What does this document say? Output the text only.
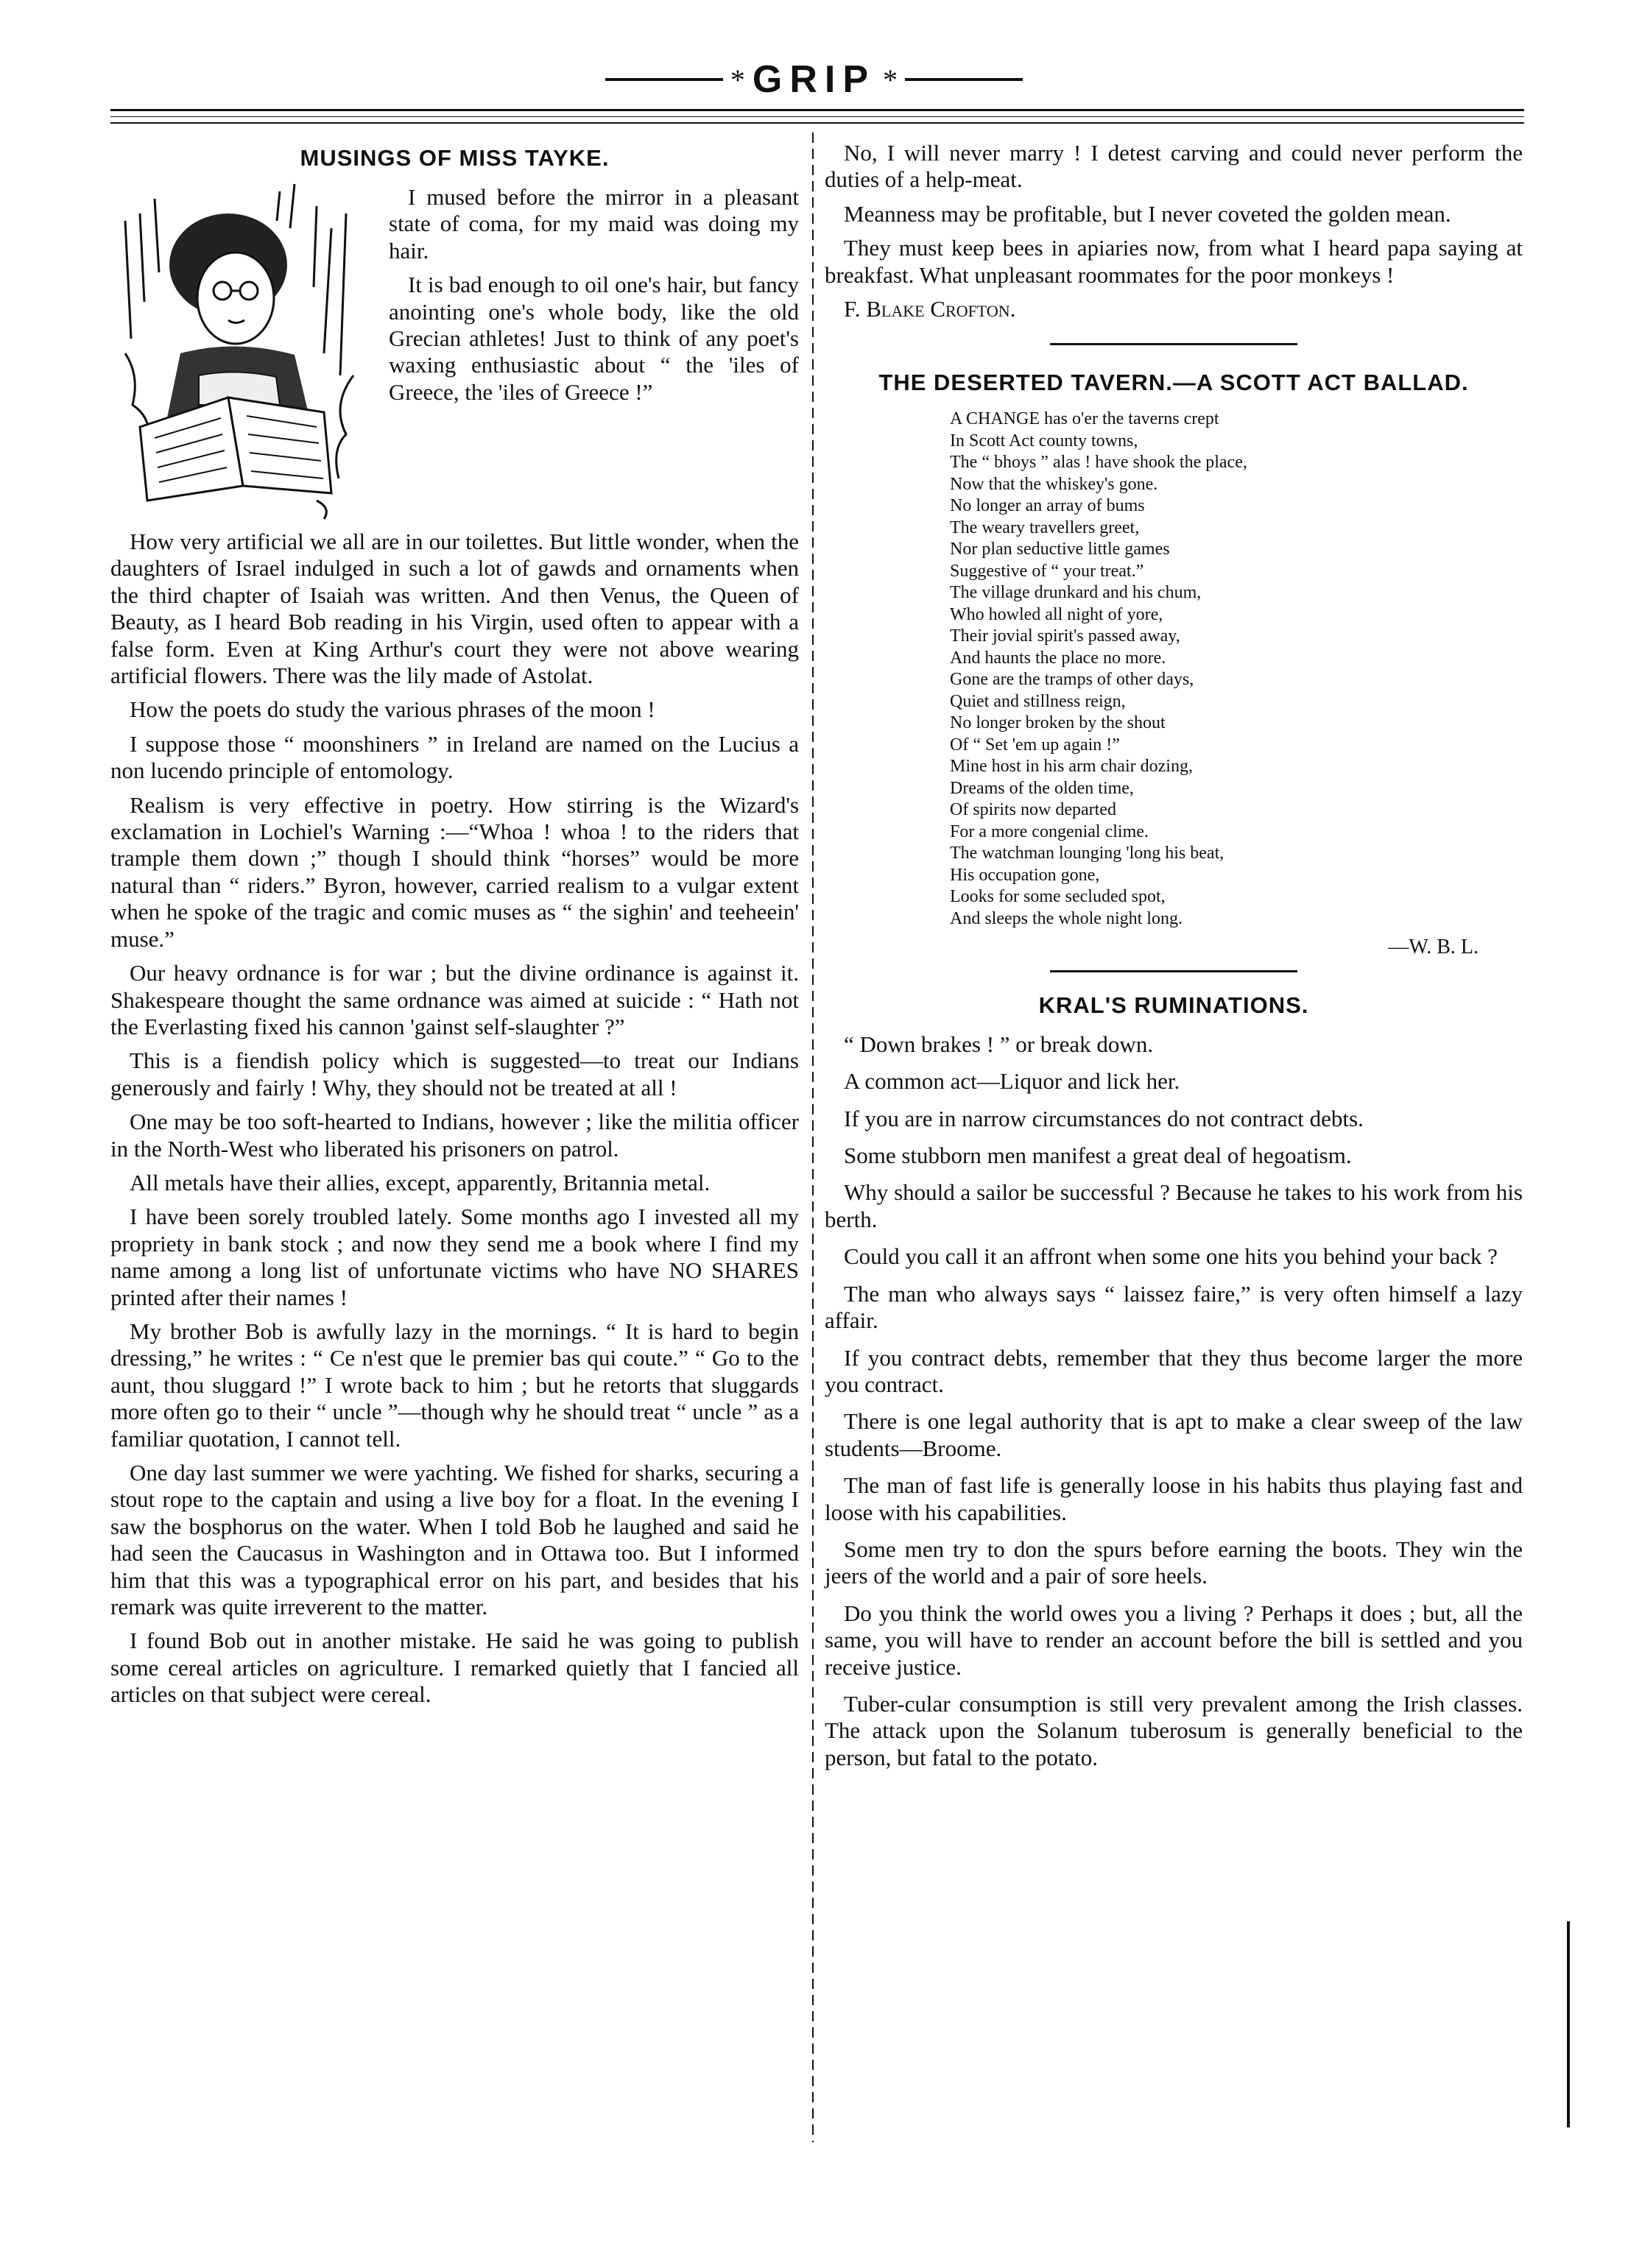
* GRIP *
MUSINGS OF MISS TAYKE.

I mused before the mirror in a pleasant state of coma, for my maid was doing my hair.

It is bad enough to oil one's hair, but fancy anointing one's whole body, like the old Grecian athletes! Just to think of any poet's waxing enthusiastic about “ the 'iles of Greece, the 'iles of Greece !”

How very artificial we all are in our toilettes. But little wonder, when the daughters of Israel indulged in such a lot of gawds and ornaments when the third chapter of Isaiah was written. And then Venus, the Queen of Beauty, as I heard Bob reading in his Virgin, used often to appear with a false form. Even at King Arthur's court they were not above wearing artificial flowers. There was the lily made of Astolat.

How the poets do study the various phrases of the moon !

I suppose those “ moonshiners ” in Ireland are named on the Lucius a non lucendo principle of entomology.

Realism is very effective in poetry. How stirring is the Wizard's exclamation in Lochiel's Warning :—“Whoa ! whoa ! to the riders that trample them down ;” though I should think “horses” would be more natural than “ riders.” Byron, however, carried realism to a vulgar extent when he spoke of the tragic and comic muses as “ the sighin' and teeheein' muse.”

Our heavy ordnance is for war ; but the divine ordinance is against it. Shakespeare thought the same ordnance was aimed at suicide : “ Hath not the Everlasting fixed his cannon 'gainst self-slaughter ?”

This is a fiendish policy which is suggested—to treat our Indians generously and fairly ! Why, they should not be treated at all !

One may be too soft-hearted to Indians, however ; like the militia officer in the North-West who liberated his prisoners on patrol.

All metals have their allies, except, apparently, Britannia metal.

I have been sorely troubled lately. Some months ago I invested all my propriety in bank stock ; and now they send me a book where I find my name among a long list of unfortunate victims who have NO SHARES printed after their names !

My brother Bob is awfully lazy in the mornings. “ It is hard to begin dressing,” he writes : “ Ce n'est que le premier bas qui coute.” “ Go to the aunt, thou sluggard !” I wrote back to him ; but he retorts that sluggards more often go to their “ uncle ”—though why he should treat “ uncle ” as a familiar quotation, I cannot tell.

One day last summer we were yachting. We fished for sharks, securing a stout rope to the captain and using a live boy for a float. In the evening I saw the bosphorus on the water. When I told Bob he laughed and said he had seen the Caucasus in Washington and in Ottawa too. But I informed him that this was a typographical error on his part, and besides that his remark was quite irreverent to the matter.

I found Bob out in another mistake. He said he was going to publish some cereal articles on agriculture. I remarked quietly that I fancied all articles on that subject were cereal.

No, I will never marry ! I detest carving and could never perform the duties of a help-meat.

Meanness may be profitable, but I never coveted the golden mean.

They must keep bees in apiaries now, from what I heard papa saying at breakfast. What unpleasant roommates for the poor monkeys !

F. Blake Crofton.

THE DESERTED TAVERN.—A SCOTT ACT BALLAD.
A CHANGE has o'er the taverns crept
In Scott Act county towns,
The “ bhoys ” alas ! have shook the place,
Now that the whiskey's gone.
No longer an array of bums
The weary travellers greet,
Nor plan seductive little games
Suggestive of “ your treat.”
The village drunkard and his chum,
Who howled all night of yore,
Their jovial spirit's passed away,
And haunts the place no more.
Gone are the tramps of other days,
Quiet and stillness reign,
No longer broken by the shout
Of “ Set 'em up again !”
Mine host in his arm chair dozing,
Dreams of the olden time,
Of spirits now departed
For a more congenial clime.
The watchman lounging 'long his beat,
His occupation gone,
Looks for some secluded spot,
And sleeps the whole night long.
—W. B. L.
KRAL'S RUMINATIONS.

“ Down brakes ! ” or break down.

A common act—Liquor and lick her.

If you are in narrow circumstances do not contract debts.

Some stubborn men manifest a great deal of hegoatism.

Why should a sailor be successful ? Because he takes to his work from his berth.

Could you call it an affront when some one hits you behind your back ?

The man who always says “ laissez faire,” is very often himself a lazy affair.

If you contract debts, remember that they thus become larger the more you contract.

There is one legal authority that is apt to make a clear sweep of the law students—Broome.

The man of fast life is generally loose in his habits thus playing fast and loose with his capabilities.

Some men try to don the spurs before earning the boots. They win the jeers of the world and a pair of sore heels.

Do you think the world owes you a living ? Perhaps it does ; but, all the same, you will have to render an account before the bill is settled and you receive justice.

Tuber-cular consumption is still very prevalent among the Irish classes. The attack upon the Solanum tuberosum is generally beneficial to the person, but fatal to the potato.
